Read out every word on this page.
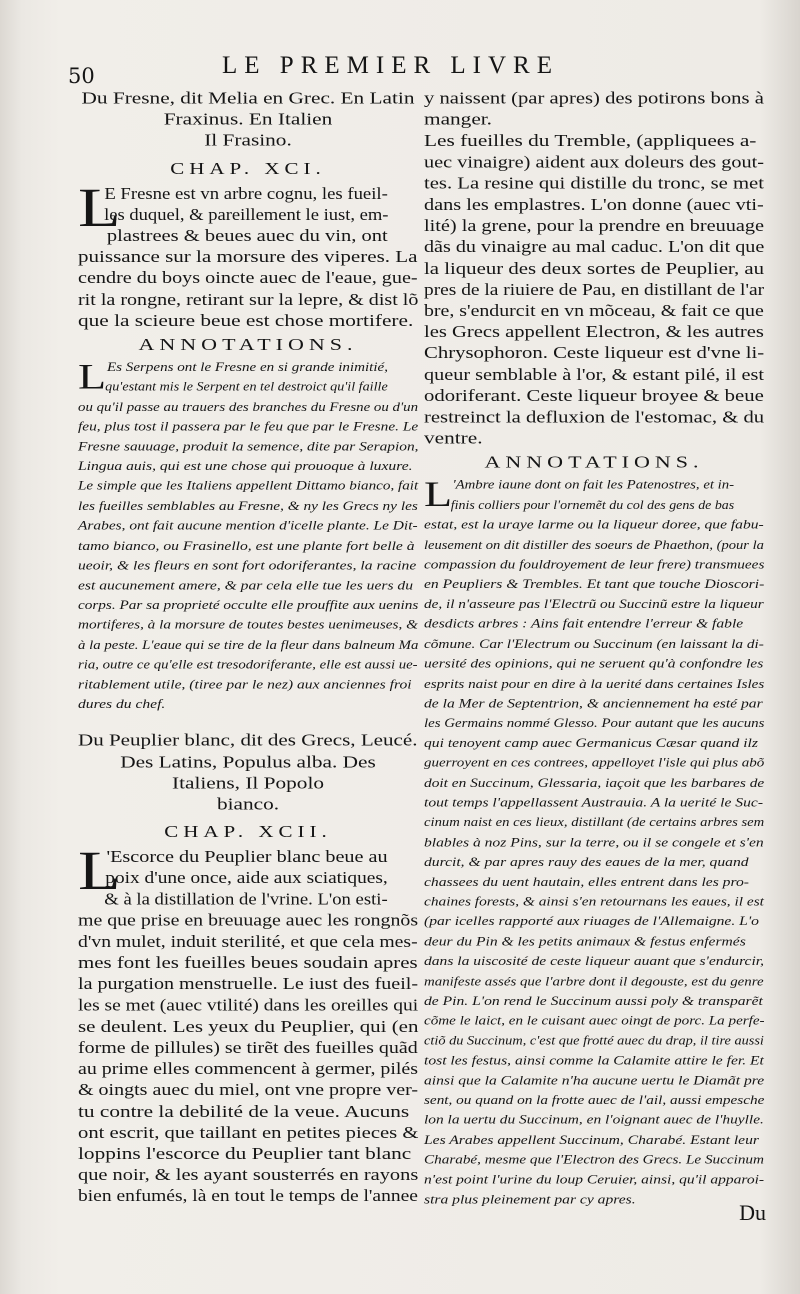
50	LE PREMIER LIVRE
Du Fresne, dit Melia en Grec. En Latin
Fraxinus. En Italien
Il Frasino.
CHAP. XCI.
L
E Fresne est vn arbre cognu, les fueil-
les duquel, & pareillement le iust, em-
plastrees & beues auec du vin, ont
puissance sur la morsure des viperes. La
cendre du boys oincte auec de l'eaue, gue-
rit la rongne, retirant sur la lepre, & dist lõ
que la scieure beue est chose mortifere.
ANNOTATIONS.
L Es Serpens ont le Fresne en si grande inimitié,
qu'estant mis le Serpent en tel destroict qu'il faille
ou qu'il passe au trauers des branches du Fresne ou d'un
feu, plus tost il passera par le feu que par le Fresne. Le
Fresne sauuage, produit la semence, dite par Serapion,
Lingua auis, qui est une chose qui prouoque à luxure.
Le simple que les Italiens appellent Dittamo bianco, fait
les fueilles semblables au Fresne, & ny les Grecs ny les
Arabes, ont fait aucune mention d'icelle plante. Le Dit-
tamo bianco, ou Frasinello, est une plante fort belle à
ueoir, & les fleurs en sont fort odoriferantes, la racine
est aucunement amere, & par cela elle tue les uers du
corps. Par sa proprieté occulte elle prouffite aux uenins
mortiferes, à la morsure de toutes bestes uenimeuses, &
à la peste. L'eaue qui se tire de la fleur dans balneum Ma
ria, outre ce qu'elle est tresodoriferante, elle est aussi ue-
ritablement utile, (tiree par le nez) aux anciennes froi
dures du chef.
Du Peuplier blanc, dit des Grecs, Leucé.
Des Latins, Populus alba. Des
Italiens, Il Popolo
bianco.
CHAP. XCII.
L
'Escorce du Peuplier blanc beue au
poix d'une once, aide aux sciatiques,
& à la distillation de l'vrine. L'on esti-
me que prise en breuuage auec les rongnõs
d'vn mulet, induit sterilité, et que cela mes-
mes font les fueilles beues soudain apres
la purgation menstruelle. Le iust des fueil-
les se met (auec vtilité) dans les oreilles qui
se deulent. Les yeux du Peuplier, qui (en
forme de pillules) se tirẽt des fueilles quãd
au prime elles commencent à germer, pilés
& oingts auec du miel, ont vne propre ver-
tu contre la debilité de la veue. Aucuns
ont escrit, que taillant en petites pieces &
loppins l'escorce du Peuplier tant blanc
que noir, & les ayant sousterrés en rayons
bien enfumés, là en tout le temps de l'annee
y naissent (par apres) des potirons bons à
manger.
Les fueilles du Tremble, (appliquees a-
uec vinaigre) aident aux doleurs des gout-
tes. La resine qui distille du tronc, se met
dans les emplastres. L'on donne (auec vti-
lité) la grene, pour la prendre en breuuage
dãs du vinaigre au mal caduc. L'on dit que
la liqueur des deux sortes de Peuplier, au
pres de la riuiere de Pau, en distillant de l'ar
bre, s'endurcit en vn mõceau, & fait ce que
les Grecs appellent Electron, & les autres
Chrysophoron. Ceste liqueur est d'vne li-
queur semblable à l'or, & estant pilé, il est
odoriferant. Ceste liqueur broyee & beue
restreinct la defluxion de l'estomac, & du
ventre.
ANNOTATIONS.
L 'Ambre iaune dont on fait les Patenostres, et in-
finis colliers pour l'ornemẽt du col des gens de bas
estat, est la uraye larme ou la liqueur doree, que fabu-
leusement on dit distiller des soeurs de Phaethon, (pour la
compassion du fouldroyement de leur frere) transmuees
en Peupliers & Trembles. Et tant que touche Dioscori-
de, il n'asseure pas l'Electrũ ou Succinũ estre la liqueur
desdicts arbres : Ains fait entendre l'erreur & fable
cõmune. Car l'Electrum ou Succinum (en laissant la di-
uersité des opinions, qui ne seruent qu'à confondre les
esprits naist pour en dire à la uerité dans certaines Isles
de la Mer de Septentrion, & anciennement ha esté par
les Germains nommé Glesso. Pour autant que les aucuns
qui tenoyent camp auec Germanicus Cæsar quand ilz
guerroyent en ces contrees, appelloyet l'isle qui plus abõ
doit en Succinum, Glessaria, iaçoit que les barbares de
tout temps l'appellassent Austrauia. A la uerité le Suc-
cinum naist en ces lieux, distillant (de certains arbres sem
blables à noz Pins, sur la terre, ou il se congele et s'en
durcit, & par apres rauy des eaues de la mer, quand
chassees du uent hautain, elles entrent dans les pro-
chaines forests, & ainsi s'en retournans les eaues, il est
(par icelles rapporté aux riuages de l'Allemaigne. L'o
deur du Pin & les petits animaux & festus enfermés
dans la uiscosité de ceste liqueur auant que s'endurcir,
manifeste assés que l'arbre dont il degouste, est du genre
de Pin. L'on rend le Succinum aussi poly & transparẽt
cõme le laict, en le cuisant auec oingt de porc. La perfe-
ctiõ du Succinum, c'est que frotté auec du drap, il tire aussi
tost les festus, ainsi comme la Calamite attire le fer. Et
ainsi que la Calamite n'ha aucune uertu le Diamãt pre
sent, ou quand on la frotte auec de l'ail, aussi empesche
lon la uertu du Succinum, en l'oignant auec de l'huylle.
Les Arabes appellent Succinum, Charabé. Estant leur
Charabé, mesme que l'Electron des Grecs. Le Succinum
n'est point l'urine du loup Ceruier, ainsi, qu'il apparoi-
stra plus pleinement par cy apres.
Du
